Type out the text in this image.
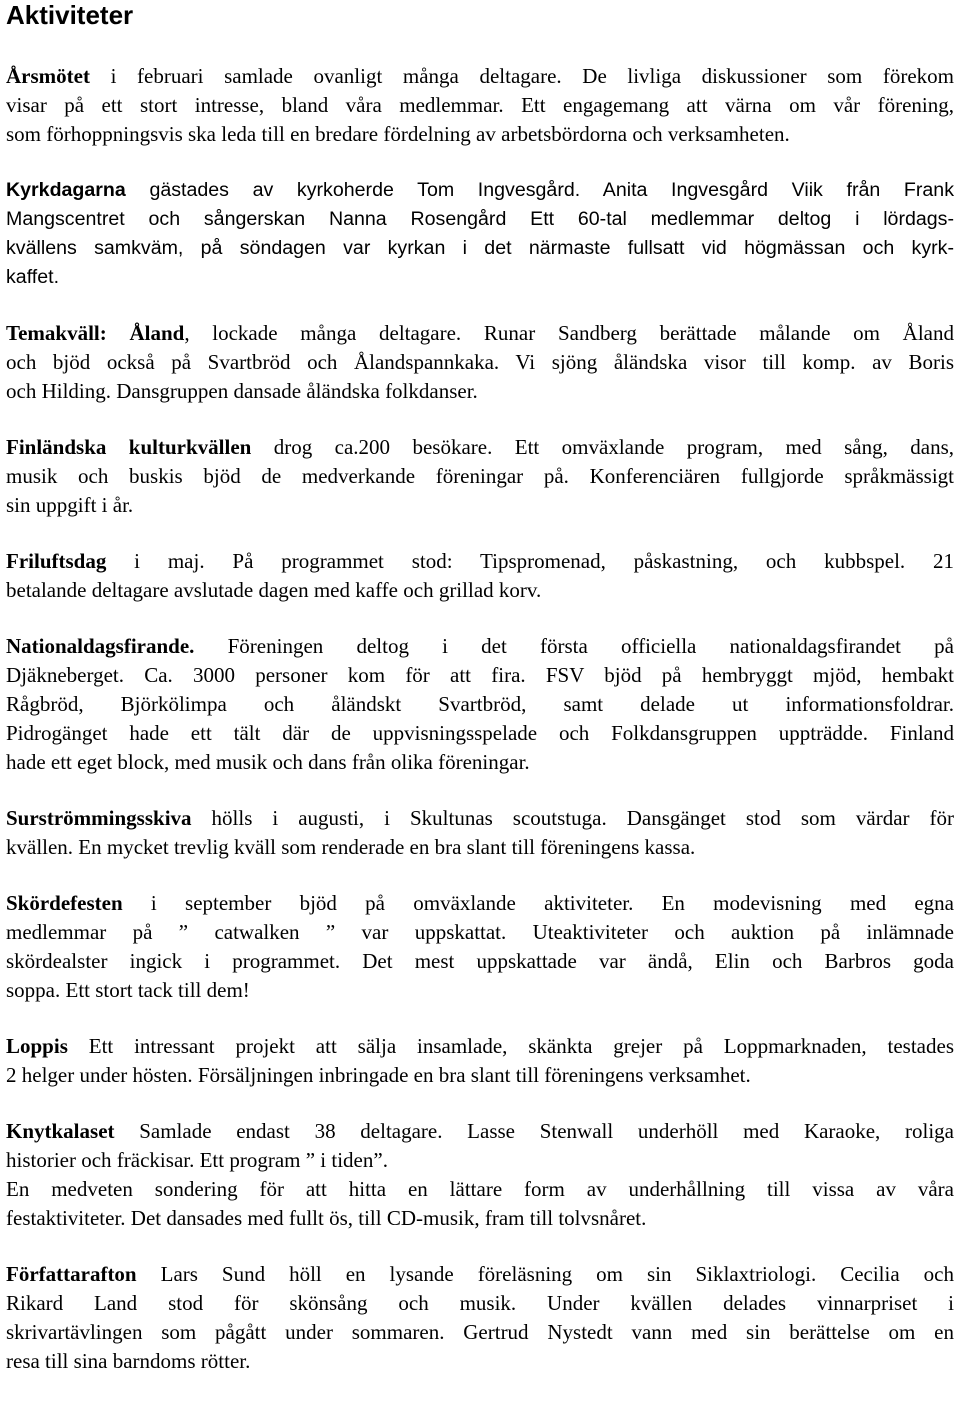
Aktiviteter
Årsmötet i februari samlade ovanligt många deltagare. De livliga diskussioner som förekom
visar på ett stort intresse, bland våra medlemmar. Ett engagemang att värna om vår förening,
som förhoppningsvis ska leda till en bredare fördelning av arbetsbördorna och verksamheten.
Kyrkdagarna gästades av kyrkoherde Tom Ingvesgård. Anita Ingvesgård Viik från Frank
Mangscentret och sångerskan Nanna Rosengård Ett 60-tal medlemmar deltog i lördags-
kvällens samkväm, på söndagen var kyrkan i det närmaste fullsatt vid högmässan och kyrk-
kaffet.
Temakväll: Åland, lockade många deltagare. Runar Sandberg berättade målande om Åland
och bjöd också på Svartbröd och Ålandspannkaka. Vi sjöng åländska visor till komp. av Boris
och Hilding. Dansgruppen dansade åländska folkdanser.
Finländska kulturkvällen drog ca.200 besökare. Ett omväxlande program, med sång, dans,
musik och buskis bjöd de medverkande föreningar på. Konferenciären fullgjorde språkmässigt
sin uppgift i år.
Friluftsdag i maj. På programmet stod: Tipspromenad, påskastning, och kubbspel. 21
betalande deltagare avslutade dagen med kaffe och grillad korv.
Nationaldagsfirande. Föreningen deltog i det första officiella nationaldagsfirandet på
Djäkneberget. Ca. 3000 personer kom för att fira. FSV bjöd på hembryggt mjöd, hembakt
Rågbröd, Björkölimpa och åländskt Svartbröd, samt delade ut informationsfoldrar.
Pidrogänget hade ett tält där de uppvisningsspelade och Folkdansgruppen uppträdde. Finland
hade ett eget block, med musik och dans från olika föreningar.
Surströmmingsskiva hölls i augusti, i Skultunas scoutstuga. Dansgänget stod som värdar för
kvällen. En mycket trevlig kväll som renderade en bra slant till föreningens kassa.
Skördefesten i september bjöd på omväxlande aktiviteter. En modevisning med egna
medlemmar på ” catwalken ” var uppskattat. Uteaktiviteter och auktion på inlämnade
skördealster ingick i programmet. Det mest uppskattade var ändå, Elin och Barbros goda
soppa. Ett stort tack till dem!
Loppis Ett intressant projekt att sälja insamlade, skänkta grejer på Loppmarknaden, testades
2 helger under hösten. Försäljningen inbringade en bra slant till föreningens verksamhet.
Knytkalaset Samlade endast 38 deltagare. Lasse Stenwall underhöll med Karaoke, roliga
historier och fräckisar. Ett program ” i tiden”.
En medveten sondering för att hitta en lättare form av underhållning till vissa av våra
festaktiviteter. Det dansades med fullt ös, till CD-musik, fram till tolvsnåret.
Författarafton Lars Sund höll en lysande föreläsning om sin Siklaxtriologi. Cecilia och
Rikard Land stod för skönsång och musik. Under kvällen delades vinnarpriset i
skrivartävlingen som pågått under sommaren. Gertrud Nystedt vann med sin berättelse om en
resa till sina barndoms rötter.
